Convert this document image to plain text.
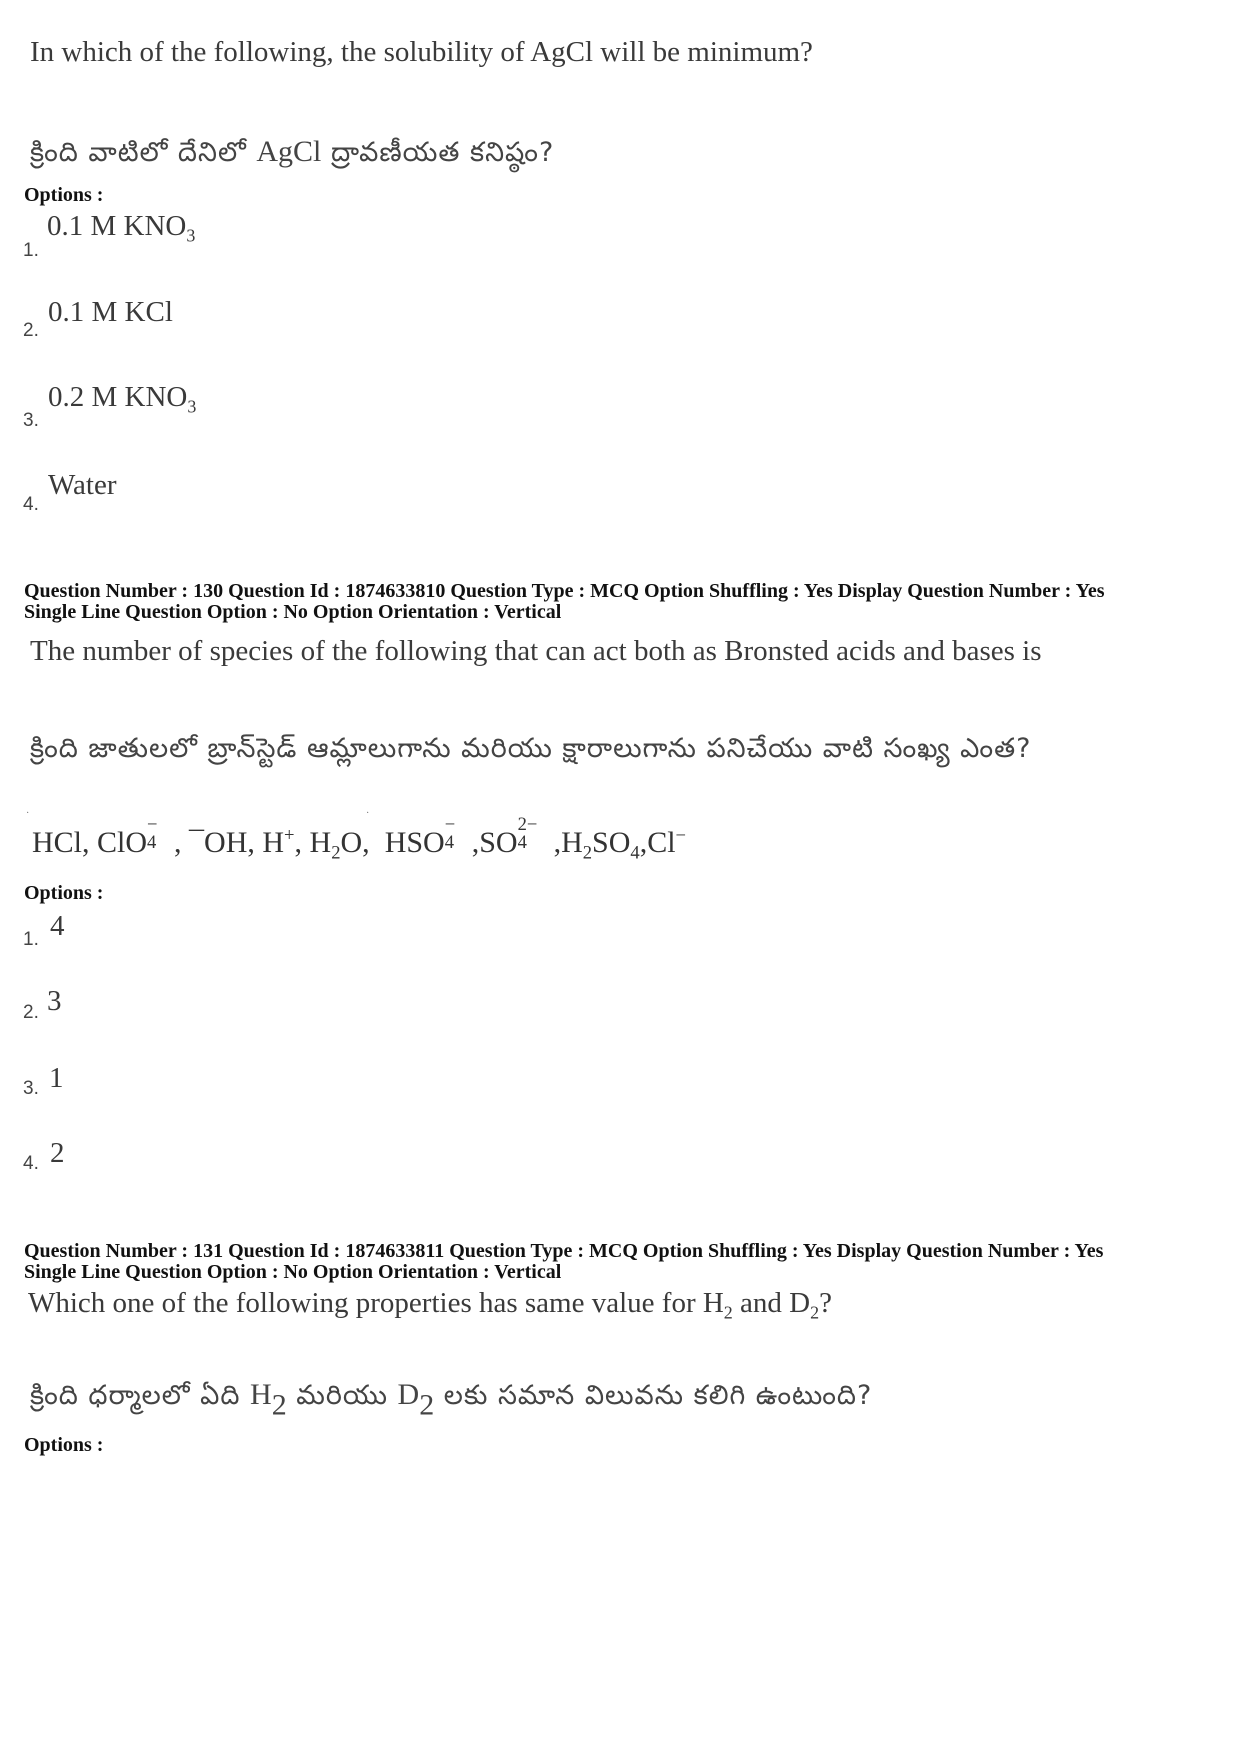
In which of the following, the solubility of AgCl will be minimum?
క్రింది వాటిలో దేనిలో AgCl ద్రావణీయత కనిష్ఠం?
Options :
1.
0.1 M $KNO_3$
2.
0.1 M KCl
3.
0.2 M $KNO_3$
4.
Water
Question Number : 130 Question Id : 1874633810 Question Type : MCQ Option Shuffling : Yes Display Question Number : Yes
Single Line Question Option : No Option Orientation : Vertical
The number of species of the following that can act both as Bronsted acids and bases is
క్రింది జాతులలో బ్రాన్‌స్టెడ్ ఆమ్లాలుగాను మరియు క్షారాలుగాను పనిచేయు వాటి సంఖ్య ఎంత?
·	·
HCl, ClO
−
4 , ¯OH, H+, $H_2O$, HSO
−
4 ,SO
2−
4 $,H_2SO_4,Cl^-$
Options :
1. 4
2. 3
3. 1
4. 2
Question Number : 131 Question Id : 1874633811 Question Type : MCQ Option Shuffling : Yes Display Question Number : Yes
Single Line Question Option : No Option Orientation : Vertical
Which one of the following properties has same value for $H_2$ and $D_2$?
క్రింది ధర్మాలలో ఏది $H_2$ మరియు $D_2$ లకు సమాన విలువను కలిగి ఉంటుంది?
Options :
